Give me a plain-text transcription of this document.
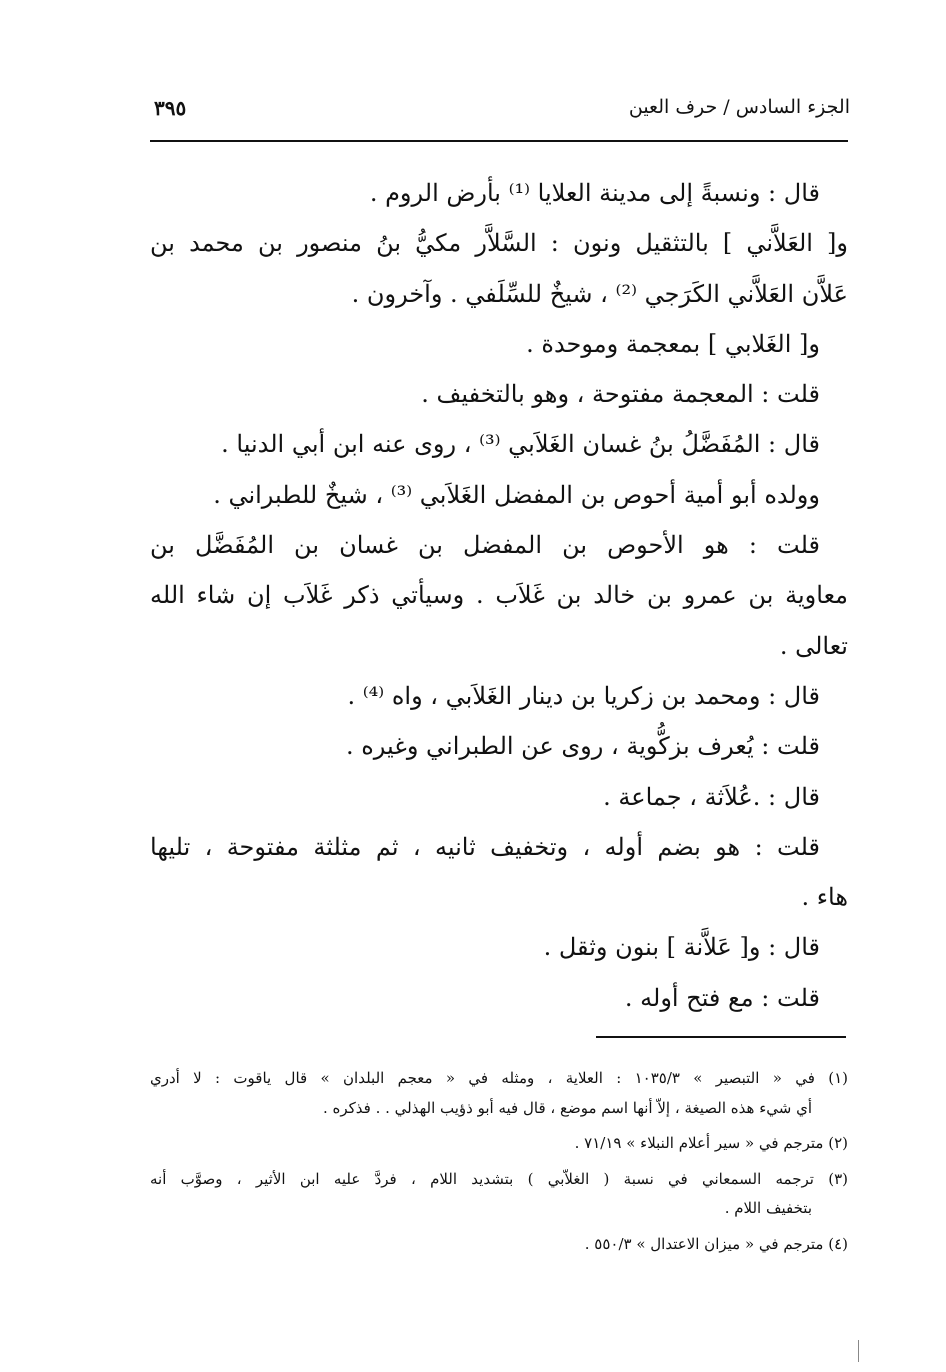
الجزء السادس / حرف العين
٣٩٥
قال : ونسبةً إلى مدينة العلايا ⁽¹⁾ بأرض الروم .
و[ العَلاَّني ] بالتثقيل ونون : السَّلاَّر مكيُّ بنُ منصور بن محمد بن
عَلاَّن العَلاَّني الكَرَجي ⁽²⁾ ، شيخٌ للسِّلَفي . وآخرون .
و[ الغَلابي ] بمعجمة وموحدة .
قلت : المعجمة مفتوحة ، وهو بالتخفيف .
قال : المُفَضَّلُ بنُ غسان الغَلاَبي ⁽³⁾ ، روى عنه ابن أبي الدنيا .
وولده أبو أمية أحوص بن المفضل الغَلاَبي ⁽³⁾ ، شيخٌ للطبراني .
قلت : هو الأحوص بن المفضل بن غسان بن المُفَضَّل بن
معاوية بن عمرو بن خالد بن غَلاَب . وسيأتي ذكر غَلاَب إن شاء الله
تعالى .
قال : ومحمد بن زكريا بن دينار الغَلاَبي ، واه ⁽⁴⁾ .
قلت : يُعرف بزكُّوية ، روى عن الطبراني وغيره .
قال : .عُلاَثة ، جماعة .
قلت : هو بضم أوله ، وتخفيف ثانيه ، ثم مثلثة مفتوحة ، تليها
هاء .
قال : و[ عَلاَّنة ] بنون وثقل .
قلت : مع فتح أوله .
(١) في « التبصير » ١٠٣٥/٣ : العلاية ، ومثله في « معجم البلدان » قال ياقوت : لا أدري
أي شيء هذه الصيغة ، إلاّ أنها اسم موضع ، قال فيه أبو ذؤيب الهذلي . . فذكره .
(٢) مترجم في « سير أعلام النبلاء » ٧١/١٩ .
(٣) ترجمه السمعاني في نسبة ( الغلاّبي ) بتشديد اللام ، فردَّ عليه ابن الأثير ، وصوَّب أنه
بتخفيف اللام .
(٤) مترجم في « ميزان الاعتدال » ٥٥٠/٣ .
